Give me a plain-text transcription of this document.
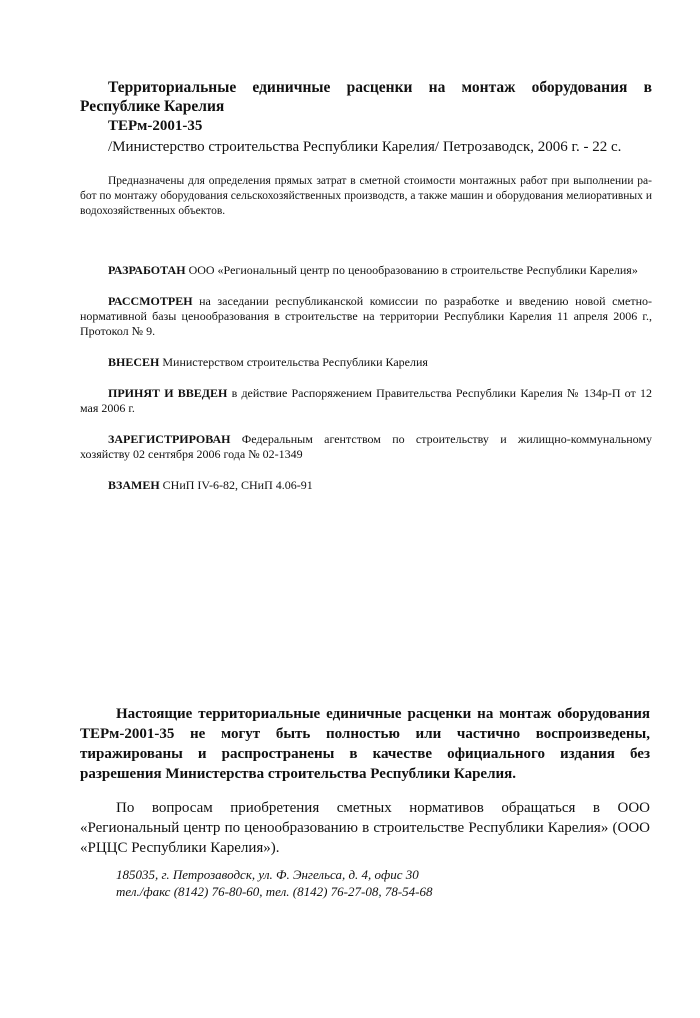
Территориальные единичные расценки на монтаж оборудования в Республике Карелия

ТЕРм-2001-35

/Министерство строительства Республики Карелия/ Петрозаводск, 2006 г. - 22 с.

Предназначены для определения прямых затрат в сметной стоимости монтажных работ при выполнении ра-бот по монтажу оборудования сельскохозяйственных производств, а также машин и оборудования мелиоративных и водохозяйственных объектов.

РАЗРАБОТАН ООО «Региональный центр по ценообразованию в строительстве Республики Карелия»

РАССМОТРЕН на заседании республиканской комиссии по разработке и введению новой сметно-нормативной базы ценообразования в строительстве на территории Республики Карелия 11 апреля 2006 г., Протокол № 9.

ВНЕСЕН Министерством строительства Республики Карелия

ПРИНЯТ И ВВЕДЕН в действие Распоряжением Правительства Республики Карелия № 134р-П от 12 мая 2006 г.

ЗАРЕГИСТРИРОВАН Федеральным агентством по строительству и жилищно-коммунальному хозяйству 02 сентября 2006 года № 02-1349

ВЗАМЕН СНиП IV-6-82, СНиП 4.06-91

Настоящие территориальные единичные расценки на монтаж оборудования ТЕРм-2001-35 не могут быть полностью или частично воспроизведены, тиражированы и распространены в качестве официального издания без разрешения Министерства строительства Республики Карелия.

По вопросам приобретения сметных нормативов обращаться в ООО «Региональный центр по ценообразованию в строительстве Республики Карелия» (ООО «РЦЦС Республики Карелия»).

185035, г. Петрозаводск, ул. Ф. Энгельса, д. 4, офис 30
тел./факс (8142) 76-80-60, тел. (8142) 76-27-08, 78-54-68
